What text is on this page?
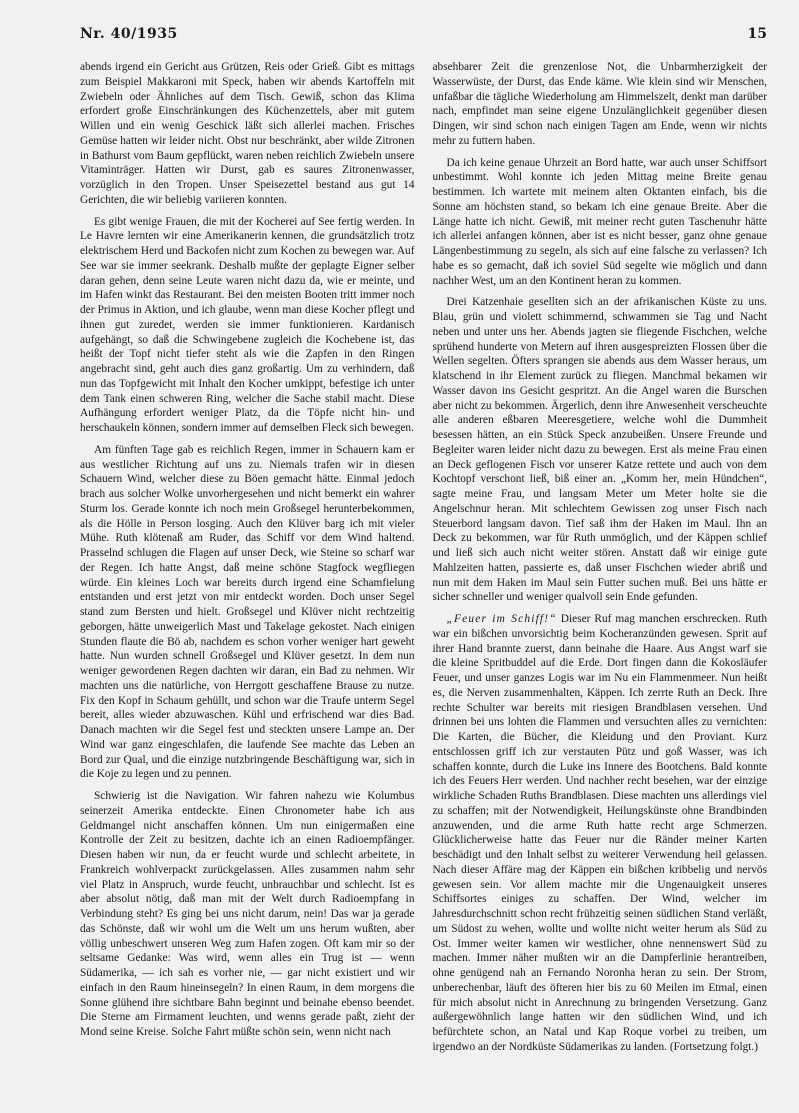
Nr. 40/1935	15

abends irgend ein Gericht aus Grützen, Reis oder Grieß. Gibt es mittags zum Beispiel Makkaroni mit Speck, haben wir abends Kartoffeln mit Zwiebeln oder Ähnliches auf dem Tisch. Gewiß, schon das Klima erfordert große Einschränkungen des Küchenzettels, aber mit gutem Willen und ein wenig Geschick läßt sich allerlei machen. Frisches Gemüse hatten wir leider nicht. Obst nur beschränkt, aber wilde Zitronen in Bathurst vom Baum gepflückt, waren neben reichlich Zwiebeln unsere Vitaminträger. Hatten wir Durst, gab es saures Zitronenwasser, vorzüglich in den Tropen. Unser Speisezettel bestand aus gut 14 Gerichten, die wir beliebig variieren konnten.

Es gibt wenige Frauen, die mit der Kocherei auf See fertig werden. In Le Havre lernten wir eine Amerikanerin kennen, die grundsätzlich trotz elektrischem Herd und Backofen nicht zum Kochen zu bewegen war. Auf See war sie immer seekrank. Deshalb mußte der geplagte Eigner selber daran gehen, denn seine Leute waren nicht dazu da, wie er meinte, und im Hafen winkt das Restaurant. Bei den meisten Booten tritt immer noch der Primus in Aktion, und ich glaube, wenn man diese Kocher pflegt und ihnen gut zuredet, werden sie immer funktionieren. Kardanisch aufgehängt, so daß die Schwingebene zugleich die Kochebene ist, das heißt der Topf nicht tiefer steht als wie die Zapfen in den Ringen angebracht sind, geht auch dies ganz großartig. Um zu verhindern, daß nun das Topfgewicht mit Inhalt den Kocher umkippt, befestige ich unter dem Tank einen schweren Ring, welcher die Sache stabil macht. Diese Aufhängung erfordert weniger Platz, da die Töpfe nicht hin- und herschaukeln können, sondern immer auf demselben Fleck sich bewegen.

Am fünften Tage gab es reichlich Regen, immer in Schauern kam er aus westlicher Richtung auf uns zu. Niemals trafen wir in diesen Schauern Wind, welcher diese zu Böen gemacht hätte. Einmal jedoch brach aus solcher Wolke unvorhergesehen und nicht bemerkt ein wahrer Sturm los. Gerade konnte ich noch mein Großsegel herunterbekommen, als die Hölle in Person losging. Auch den Klüver barg ich mit vieler Mühe. Ruth klötenaß am Ruder, das Schiff vor dem Wind haltend. Prasselnd schlugen die Flagen auf unser Deck, wie Steine so scharf war der Regen. Ich hatte Angst, daß meine schöne Stagfock wegfliegen würde. Ein kleines Loch war bereits durch irgend eine Schamfielung entstanden und erst jetzt von mir entdeckt worden. Doch unser Segel stand zum Bersten und hielt. Großsegel und Klüver nicht rechtzeitig geborgen, hätte unweigerlich Mast und Takelage gekostet. Nach einigen Stunden flaute die Bö ab, nachdem es schon vorher weniger hart geweht hatte. Nun wurden schnell Großsegel und Klüver gesetzt. In dem nun weniger gewordenen Regen dachten wir daran, ein Bad zu nehmen. Wir machten uns die natürliche, von Herrgott geschaffene Brause zu nutze. Fix den Kopf in Schaum gehüllt, und schon war die Traufe unterm Segel bereit, alles wieder abzuwaschen. Kühl und erfrischend war dies Bad. Danach machten wir die Segel fest und steckten unsere Lampe an. Der Wind war ganz eingeschlafen, die laufende See machte das Leben an Bord zur Qual, und die einzige nutzbringende Beschäftigung war, sich in die Koje zu legen und zu pennen.

Schwierig ist die Navigation. Wir fahren nahezu wie Kolumbus seinerzeit Amerika entdeckte. Einen Chronometer habe ich aus Geldmangel nicht anschaffen können. Um nun einigermaßen eine Kontrolle der Zeit zu besitzen, dachte ich an einen Radioempfänger. Diesen haben wir nun, da er feucht wurde und schlecht arbeitete, in Frankreich wohlverpackt zurückgelassen. Alles zusammen nahm sehr viel Platz in Anspruch, wurde feucht, unbrauchbar und schlecht. Ist es aber absolut nötig, daß man mit der Welt durch Radioempfang in Verbindung steht? Es ging bei uns nicht darum, nein! Das war ja gerade das Schönste, daß wir wohl um die Welt um uns herum wußten, aber völlig unbeschwert unseren Weg zum Hafen zogen. Oft kam mir so der seltsame Gedanke: Was wird, wenn alles ein Trug ist — wenn Südamerika, — ich sah es vorher nie, — gar nicht existiert und wir einfach in den Raum hineinsegeln? In einen Raum, in dem morgens die Sonne glühend ihre sichtbare Bahn beginnt und beinahe ebenso beendet. Die Sterne am Firmament leuchten, und wenns gerade paßt, zieht der Mond seine Kreise. Solche Fahrt müßte schön sein, wenn nicht nach

absehbarer Zeit die grenzenlose Not, die Unbarmherzigkeit der Wasserwüste, der Durst, das Ende käme. Wie klein sind wir Menschen, unfaßbar die tägliche Wiederholung am Himmelszelt, denkt man darüber nach, empfindet man seine eigene Unzulänglichkeit gegenüber diesen Dingen, wir sind schon nach einigen Tagen am Ende, wenn wir nichts mehr zu futtern haben.

Da ich keine genaue Uhrzeit an Bord hatte, war auch unser Schiffsort unbestimmt. Wohl konnte ich jeden Mittag meine Breite genau bestimmen. Ich wartete mit meinem alten Oktanten einfach, bis die Sonne am höchsten stand, so bekam ich eine genaue Breite. Aber die Länge hatte ich nicht. Gewiß, mit meiner recht guten Taschenuhr hätte ich allerlei anfangen können, aber ist es nicht besser, ganz ohne genaue Längenbestimmung zu segeln, als sich auf eine falsche zu verlassen? Ich habe es so gemacht, daß ich soviel Süd segelte wie möglich und dann nachher West, um an den Kontinent heran zu kommen.

Drei Katzenhaie gesellten sich an der afrikanischen Küste zu uns. Blau, grün und violett schimmernd, schwammen sie Tag und Nacht neben und unter uns her. Abends jagten sie fliegende Fischchen, welche sprühend hunderte von Metern auf ihren ausgespreizten Flossen über die Wellen segelten. Öfters sprangen sie abends aus dem Wasser heraus, um klatschend in ihr Element zurück zu fliegen. Manchmal bekamen wir Wasser davon ins Gesicht gespritzt. An die Angel waren die Burschen aber nicht zu bekommen. Ärgerlich, denn ihre Anwesenheit verscheuchte alle anderen eßbaren Meeresgetiere, welche wohl die Dummheit besessen hätten, an ein Stück Speck anzubeißen. Unsere Freunde und Begleiter waren leider nicht dazu zu bewegen. Erst als meine Frau einen an Deck geflogenen Fisch vor unserer Katze rettete und auch von dem Kochtopf verschont ließ, biß einer an. „Komm her, mein Hündchen“, sagte meine Frau, und langsam Meter um Meter holte sie die Angelschnur heran. Mit schlechtem Gewissen zog unser Fisch nach Steuerbord langsam davon. Tief saß ihm der Haken im Maul. Ihn an Deck zu bekommen, war für Ruth unmöglich, und der Käppen schlief und ließ sich auch nicht weiter stören. Anstatt daß wir einige gute Mahlzeiten hatten, passierte es, daß unser Fischchen wieder abriß und nun mit dem Haken im Maul sein Futter suchen muß. Bei uns hätte er sicher schneller und weniger qualvoll sein Ende gefunden.

„Feuer im Schiff!“ Dieser Ruf mag manchen erschrecken. Ruth war ein bißchen unvorsichtig beim Kocheranzünden gewesen. Sprit auf ihrer Hand brannte zuerst, dann beinahe die Haare. Aus Angst warf sie die kleine Spritbuddel auf die Erde. Dort fingen dann die Kokosläufer Feuer, und unser ganzes Logis war im Nu ein Flammenmeer. Nun heißt es, die Nerven zusammenhalten, Käppen. Ich zerrte Ruth an Deck. Ihre rechte Schulter war bereits mit riesigen Brandblasen versehen. Und drinnen bei uns lohten die Flammen und versuchten alles zu vernichten: Die Karten, die Bücher, die Kleidung und den Proviant. Kurz entschlossen griff ich zur verstauten Pütz und goß Wasser, was ich schaffen konnte, durch die Luke ins Innere des Bootchens. Bald konnte ich des Feuers Herr werden. Und nachher recht besehen, war der einzige wirkliche Schaden Ruths Brandblasen. Diese machten uns allerdings viel zu schaffen; mit der Notwendigkeit, Heilungskünste ohne Brandbinden anzuwenden, und die arme Ruth hatte recht arge Schmerzen. Glücklicherweise hatte das Feuer nur die Ränder meiner Karten beschädigt und den Inhalt selbst zu weiterer Verwendung heil gelassen. Nach dieser Affäre mag der Käppen ein bißchen kribbelig und nervös gewesen sein. Vor allem machte mir die Ungenauigkeit unseres Schiffsortes einiges zu schaffen. Der Wind, welcher im Jahresdurchschnitt schon recht frühzeitig seinen südlichen Stand verläßt, um Südost zu wehen, wollte und wollte nicht weiter herum als Süd zu Ost. Immer weiter kamen wir westlicher, ohne nennenswert Süd zu machen. Immer näher mußten wir an die Dampferlinie herantreiben, ohne genügend nah an Fernando Noronha heran zu sein. Der Strom, unberechenbar, läuft des öfteren hier bis zu 60 Meilen im Etmal, einen für mich absolut nicht in Anrechnung zu bringenden Versetzung. Ganz außergewöhnlich lange hatten wir den südlichen Wind, und ich befürchtete schon, an Natal und Kap Roque vorbei zu treiben, um irgendwo an der Nordküste Südamerikas zu landen. (Fortsetzung folgt.)
